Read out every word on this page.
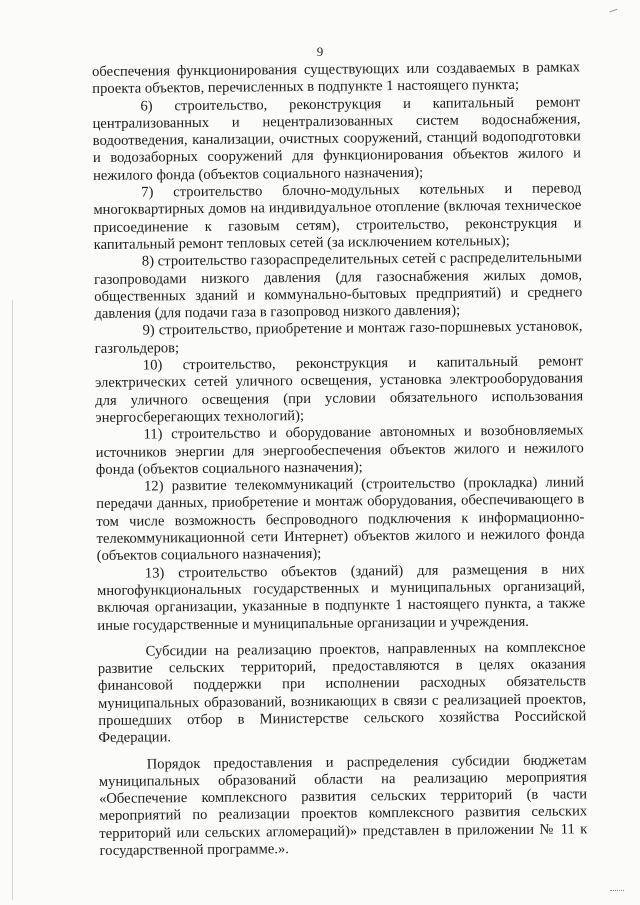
9

обеспечения функционирования существующих или создаваемых в рамках проекта объектов, перечисленных в подпункте 1 настоящего пункта;

6) строительство, реконструкция и капитальный ремонт централизованных и нецентрализованных систем водоснабжения, водоотведения, канализации, очистных сооружений, станций водоподготовки и водозаборных сооружений для функционирования объектов жилого и нежилого фонда (объектов социального назначения);

7) строительство блочно-модульных котельных и перевод многоквартирных домов на индивидуальное отопление (включая техническое присоединение к газовым сетям), строительство, реконструкция и капитальный ремонт тепловых сетей (за исключением котельных);

8) строительство газораспределительных сетей с распределительными газопроводами низкого давления (для газоснабжения жилых домов, общественных зданий и коммунально-бытовых предприятий) и среднего давления (для подачи газа в газопровод низкого давления);

9) строительство, приобретение и монтаж газо-поршневых установок, газгольдеров;

10) строительство, реконструкция и капитальный ремонт электрических сетей уличного освещения, установка электрооборудования для уличного освещения (при условии обязательного использования энергосберегающих технологий);

11) строительство и оборудование автономных и возобновляемых источников энергии для энергообеспечения объектов жилого и нежилого фонда (объектов социального назначения);

12) развитие телекоммуникаций (строительство (прокладка) линий передачи данных, приобретение и монтаж оборудования, обеспечивающего в том числе возможность беспроводного подключения к информационно-телекоммуникационной сети Интернет) объектов жилого и нежилого фонда (объектов социального назначения);

13) строительство объектов (зданий) для размещения в них многофункциональных государственных и муниципальных организаций, включая организации, указанные в подпункте 1 настоящего пункта, а также иные государственные и муниципальные организации и учреждения.

Субсидии на реализацию проектов, направленных на комплексное развитие сельских территорий, предоставляются в целях оказания финансовой поддержки при исполнении расходных обязательств муниципальных образований, возникающих в связи с реализацией проектов, прошедших отбор в Министерстве сельского хозяйства Российской Федерации.

Порядок предоставления и распределения субсидии бюджетам муниципальных образований области на реализацию мероприятия «Обеспечение комплексного развития сельских территорий (в части мероприятий по реализации проектов комплексного развития сельских территорий или сельских агломераций)» представлен в приложении № 11 к государственной программе.».
